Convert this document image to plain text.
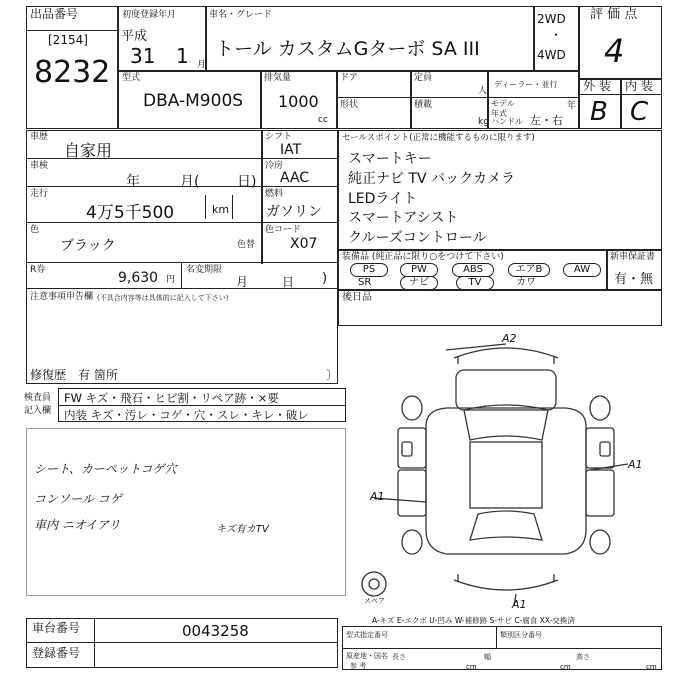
出品番号
[2154]
8232
初度登録年月
平成
31 1 月
車名・グレード
トール カスタムGターボ SA III
2WD
・
4WD
評 価 点
4
外 装 内 装
B C
型式
DBA-M900S
排気量
1000
cc
ドア
形状
定員
人
積載
kg
ディーラー・並行
モデル年式
年
ハンドル 左・右
車歴
自家用
シフト
IAT
車検
年	月(	日)
冷房
AAC
走行
4万5千500	km
燃料
ガソリン
色
ブラック	色替
色コード
X07
R券	9,630 円
名変期限
月	日 )
注意事項申告欄 (不具合内容等は具体的に記入して下さい)
修復歴 有 箇所	〕
セールスポイント(正常に機能するものに限ります)
スマートキー
純正ナビ TV バックカメラ
LEDライト
スマートアシスト
クルーズコントロール
装備品 (純正品に限り○をつけて下さい)
PS	PW	ABS	エアB	AW
SR	ナビ	TV	カワ
新車保証書
有・無
後日品
検査員
記入欄
FW キズ・飛石・ヒビ割・リペア跡・×要
内装 キズ・汚レ・コゲ・穴・スレ・キレ・破レ
シート、カーペットコゲ穴
コンソール コゲ
車内 ニオイアリ	キズ有カTV
A2
A1
A1
A1
スペア
A-キズ E-エクボ U-凹み W-補修跡 S-サビ C-腐食 XX-交換済
車台番号	0043258
登録番号
型式指定番号	類別区分番号
原産地・国名
参 考
長さ
cm
幅
cm
高さ
cm
